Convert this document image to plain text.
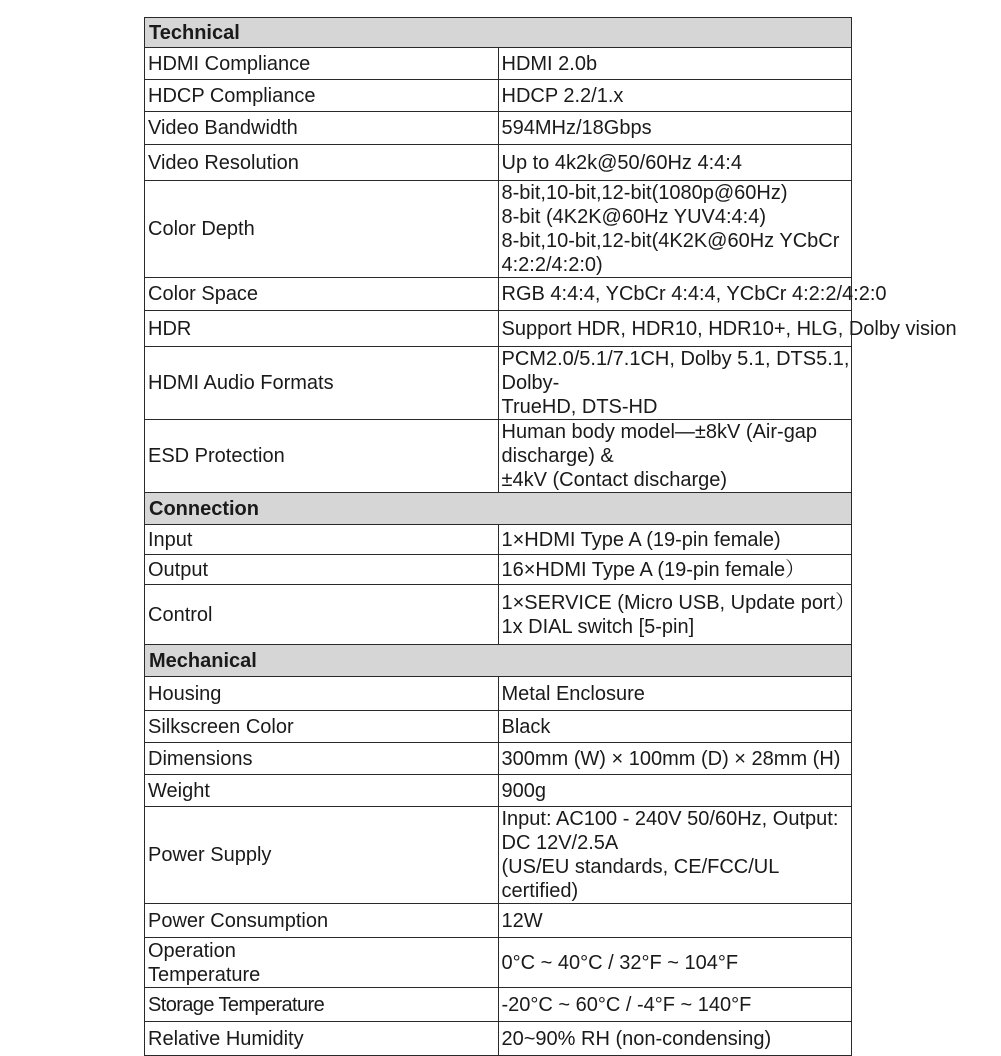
Technical	
HDMI Compliance	HDMI 2.0b
HDCP Compliance	HDCP 2.2/1.x
Video Bandwidth	594MHz/18Gbps
Video Resolution	Up to 4k2k@50/60Hz 4:4:4
Color Depth	8-bit,10-bit,12-bit(1080p@60Hz)
8-bit (4K2K@60Hz YUV4:4:4)
8-bit,10-bit,12-bit(4K2K@60Hz YCbCr 4:2:2/4:2:0)

Color Space	RGB 4:4:4, YCbCr 4:4:4, YCbCr 4:2:2/4:2:0
HDR	Support HDR, HDR10, HDR10+, HLG, Dolby vision
HDMI Audio Formats	PCM2.0/5.1/7.1CH, Dolby 5.1, DTS5.1, Dolby-
TrueHD, DTS-HD

ESD Protection	Human body model—±8kV (Air-gap discharge) &
±4kV (Contact discharge)

Connection	
Input	1×HDMI Type A (19-pin female)
Output	16×HDMI Type A (19-pin female）
Control	1×SERVICE (Micro USB, Update port）
1x DIAL switch [5-pin]

Mechanical	
Housing	Metal Enclosure
Silkscreen Color	Black
Dimensions	300mm (W) × 100mm (D) × 28mm (H)
Weight	900g
Power Supply	Input: AC100 - 240V 50/60Hz, Output: DC 12V/2.5A
(US/EU standards, CE/FCC/UL certified)

Power Consumption	12W

Operation
Temperature	0°C ~ 40°C / 32°F ~ 104°F
Storage Temperature	-20°C ~ 60°C / -4°F ~ 140°F
Relative Humidity	20~90% RH (non-condensing)
